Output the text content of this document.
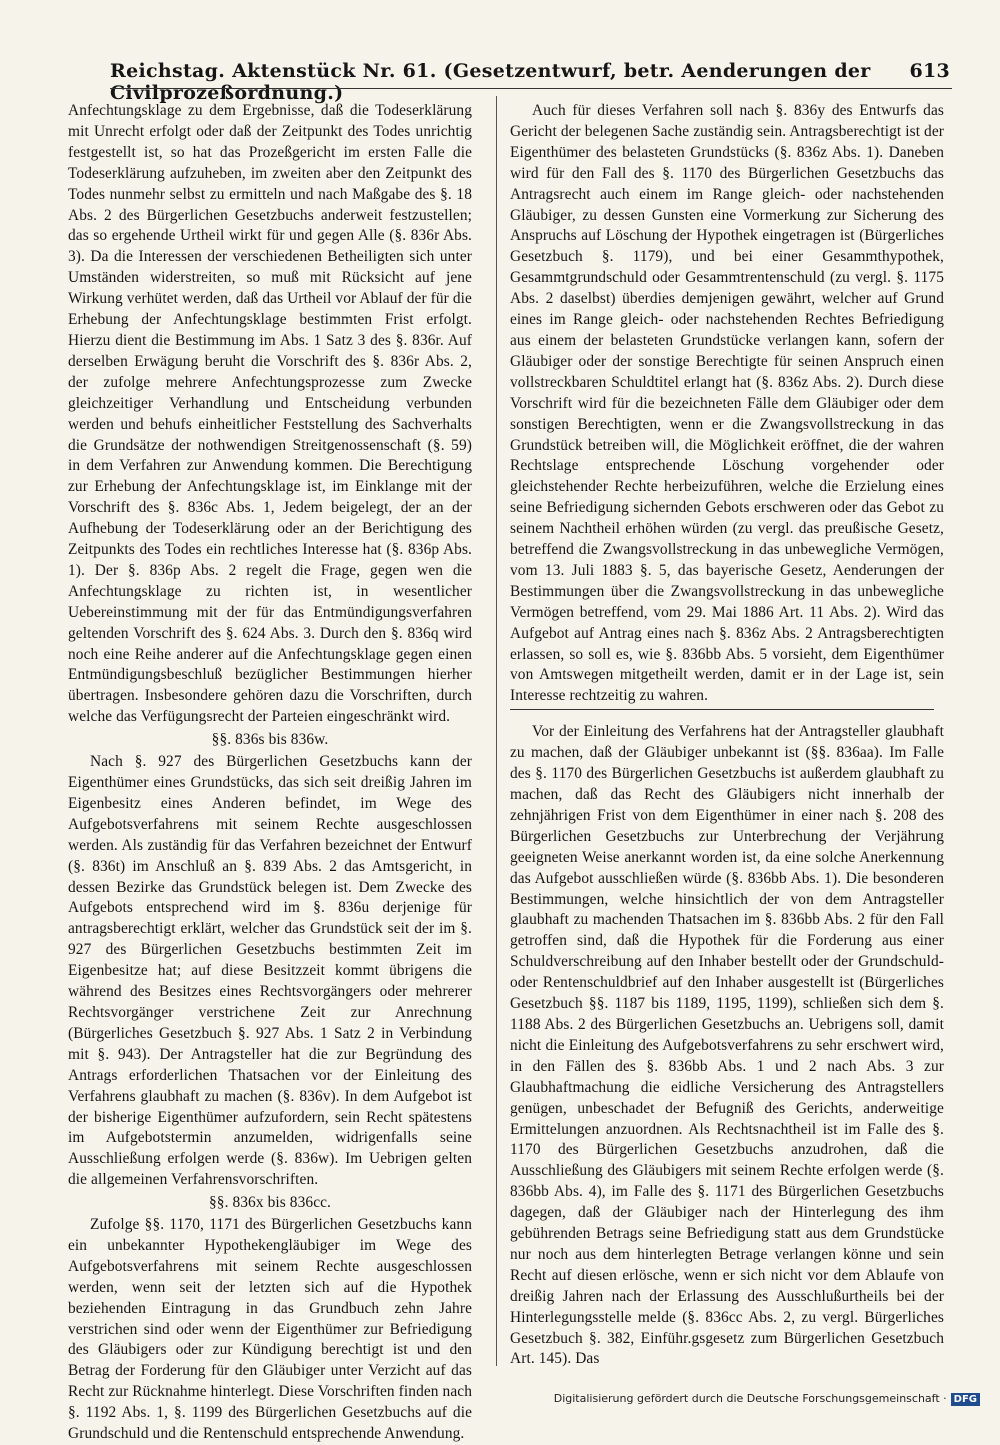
Reichstag. Aktenstück Nr. 61. (Gesetzentwurf, betr. Aenderungen der Civilprozeßordnung.)
613

Anfechtungsklage zu dem Ergebnisse, daß die Todeserklärung mit Unrecht erfolgt oder daß der Zeitpunkt des Todes unrichtig festgestellt ist, so hat das Prozeßgericht im ersten Falle die Todeserklärung aufzuheben, im zweiten aber den Zeitpunkt des Todes nunmehr selbst zu ermitteln und nach Maßgabe des §. 18 Abs. 2 des Bürgerlichen Gesetzbuchs anderweit festzustellen; das so ergehende Urtheil wirkt für und gegen Alle (§. 836r Abs. 3). Da die Interessen der verschiedenen Betheiligten sich unter Umständen widerstreiten, so muß mit Rücksicht auf jene Wirkung verhütet werden, daß das Urtheil vor Ablauf der für die Erhebung der Anfechtungsklage bestimmten Frist erfolgt. Hierzu dient die Bestimmung im Abs. 1 Satz 3 des §. 836r. Auf derselben Erwägung beruht die Vorschrift des §. 836r Abs. 2, der zufolge mehrere Anfechtungsprozesse zum Zwecke gleichzeitiger Verhandlung und Entscheidung verbunden werden und behufs einheitlicher Feststellung des Sachverhalts die Grundsätze der nothwendigen Streitgenossenschaft (§. 59) in dem Verfahren zur Anwendung kommen. Die Berechtigung zur Erhebung der Anfechtungsklage ist, im Einklange mit der Vorschrift des §. 836c Abs. 1, Jedem beigelegt, der an der Aufhebung der Todeserklärung oder an der Berichtigung des Zeitpunkts des Todes ein rechtliches Interesse hat (§. 836p Abs. 1). Der §. 836p Abs. 2 regelt die Frage, gegen wen die Anfechtungsklage zu richten ist, in wesentlicher Uebereinstimmung mit der für das Entmündigungsverfahren geltenden Vorschrift des §. 624 Abs. 3. Durch den §. 836q wird noch eine Reihe anderer auf die Anfechtungsklage gegen einen Entmündigungsbeschluß bezüglicher Bestimmungen hierher übertragen. Insbesondere gehören dazu die Vorschriften, durch welche das Verfügungsrecht der Parteien eingeschränkt wird.

§§. 836s bis 836w.

Nach §. 927 des Bürgerlichen Gesetzbuchs kann der Eigenthümer eines Grundstücks, das sich seit dreißig Jahren im Eigenbesitz eines Anderen befindet, im Wege des Aufgebotsverfahrens mit seinem Rechte ausgeschlossen werden. Als zuständig für das Verfahren bezeichnet der Entwurf (§. 836t) im Anschluß an §. 839 Abs. 2 das Amtsgericht, in dessen Bezirke das Grundstück belegen ist. Dem Zwecke des Aufgebots entsprechend wird im §. 836u derjenige für antragsberechtigt erklärt, welcher das Grundstück seit der im §. 927 des Bürgerlichen Gesetzbuchs bestimmten Zeit im Eigenbesitze hat; auf diese Besitzzeit kommt übrigens die während des Besitzes eines Rechtsvorgängers oder mehrerer Rechtsvorgänger verstrichene Zeit zur Anrechnung (Bürgerliches Gesetzbuch §. 927 Abs. 1 Satz 2 in Verbindung mit §. 943). Der Antragsteller hat die zur Begründung des Antrags erforderlichen Thatsachen vor der Einleitung des Verfahrens glaubhaft zu machen (§. 836v). In dem Aufgebot ist der bisherige Eigenthümer aufzufordern, sein Recht spätestens im Aufgebotstermin anzumelden, widrigenfalls seine Ausschließung erfolgen werde (§. 836w). Im Uebrigen gelten die allgemeinen Verfahrensvorschriften.

§§. 836x bis 836cc.

Zufolge §§. 1170, 1171 des Bürgerlichen Gesetzbuchs kann ein unbekannter Hypothekengläubiger im Wege des Aufgebotsverfahrens mit seinem Rechte ausgeschlossen werden, wenn seit der letzten sich auf die Hypothek beziehenden Eintragung in das Grundbuch zehn Jahre verstrichen sind oder wenn der Eigenthümer zur Befriedigung des Gläubigers oder zur Kündigung berechtigt ist und den Betrag der Forderung für den Gläubiger unter Verzicht auf das Recht zur Rücknahme hinterlegt. Diese Vorschriften finden nach §. 1192 Abs. 1, §. 1199 des Bürgerlichen Gesetzbuchs auf die Grundschuld und die Rentenschuld entsprechende Anwendung.

Auch für dieses Verfahren soll nach §. 836y des Entwurfs das Gericht der belegenen Sache zuständig sein. Antragsberechtigt ist der Eigenthümer des belasteten Grundstücks (§. 836z Abs. 1). Daneben wird für den Fall des §. 1170 des Bürgerlichen Gesetzbuchs das Antragsrecht auch einem im Range gleich- oder nachstehenden Gläubiger, zu dessen Gunsten eine Vormerkung zur Sicherung des Anspruchs auf Löschung der Hypothek eingetragen ist (Bürgerliches Gesetzbuch §. 1179), und bei einer Gesammthypothek, Gesammtgrundschuld oder Gesammtrentenschuld (zu vergl. §. 1175 Abs. 2 daselbst) überdies demjenigen gewährt, welcher auf Grund eines im Range gleich- oder nachstehenden Rechtes Befriedigung aus einem der belasteten Grundstücke verlangen kann, sofern der Gläubiger oder der sonstige Berechtigte für seinen Anspruch einen vollstreckbaren Schuldtitel erlangt hat (§. 836z Abs. 2). Durch diese Vorschrift wird für die bezeichneten Fälle dem Gläubiger oder dem sonstigen Berechtigten, wenn er die Zwangsvollstreckung in das Grundstück betreiben will, die Möglichkeit eröffnet, die der wahren Rechtslage entsprechende Löschung vorgehender oder gleichstehender Rechte herbeizuführen, welche die Erzielung eines seine Befriedigung sichernden Gebots erschweren oder das Gebot zu seinem Nachtheil erhöhen würden (zu vergl. das preußische Gesetz, betreffend die Zwangsvollstreckung in das unbewegliche Vermögen, vom 13. Juli 1883 §. 5, das bayerische Gesetz, Aenderungen der Bestimmungen über die Zwangsvollstreckung in das unbewegliche Vermögen betreffend, vom 29. Mai 1886 Art. 11 Abs. 2). Wird das Aufgebot auf Antrag eines nach §. 836z Abs. 2 Antragsberechtigten erlassen, so soll es, wie §. 836bb Abs. 5 vorsieht, dem Eigenthümer von Amtswegen mitgetheilt werden, damit er in der Lage ist, sein Interesse rechtzeitig zu wahren.

Vor der Einleitung des Verfahrens hat der Antragsteller glaubhaft zu machen, daß der Gläubiger unbekannt ist (§§. 836aa). Im Falle des §. 1170 des Bürgerlichen Gesetzbuchs ist außerdem glaubhaft zu machen, daß das Recht des Gläubigers nicht innerhalb der zehnjährigen Frist von dem Eigenthümer in einer nach §. 208 des Bürgerlichen Gesetzbuchs zur Unterbrechung der Verjährung geeigneten Weise anerkannt worden ist, da eine solche Anerkennung das Aufgebot ausschließen würde (§. 836bb Abs. 1). Die besonderen Bestimmungen, welche hinsichtlich der von dem Antragsteller glaubhaft zu machenden Thatsachen im §. 836bb Abs. 2 für den Fall getroffen sind, daß die Hypothek für die Forderung aus einer Schuldverschreibung auf den Inhaber bestellt oder der Grundschuld- oder Rentenschuldbrief auf den Inhaber ausgestellt ist (Bürgerliches Gesetzbuch §§. 1187 bis 1189, 1195, 1199), schließen sich dem §. 1188 Abs. 2 des Bürgerlichen Gesetzbuchs an. Uebrigens soll, damit nicht die Einleitung des Aufgebotsverfahrens zu sehr erschwert wird, in den Fällen des §. 836bb Abs. 1 und 2 nach Abs. 3 zur Glaubhaftmachung die eidliche Versicherung des Antragstellers genügen, unbeschadet der Befugniß des Gerichts, anderweitige Ermittelungen anzuordnen. Als Rechtsnachtheil ist im Falle des §. 1170 des Bürgerlichen Gesetzbuchs anzudrohen, daß die Ausschließung des Gläubigers mit seinem Rechte erfolgen werde (§. 836bb Abs. 4), im Falle des §. 1171 des Bürgerlichen Gesetzbuchs dagegen, daß der Gläubiger nach der Hinterlegung des ihm gebührenden Betrags seine Befriedigung statt aus dem Grundstücke nur noch aus dem hinterlegten Betrage verlangen könne und sein Recht auf diesen erlösche, wenn er sich nicht vor dem Ablaufe von dreißig Jahren nach der Erlassung des Ausschlußurtheils bei der Hinterlegungsstelle melde (§. 836cc Abs. 2, zu vergl. Bürgerliches Gesetzbuch §. 382, Einführ.gsgesetz zum Bürgerlichen Gesetzbuch Art. 145). Das

Digitalisierung gefördert durch die Deutsche Forschungsgemeinschaft · DFG
